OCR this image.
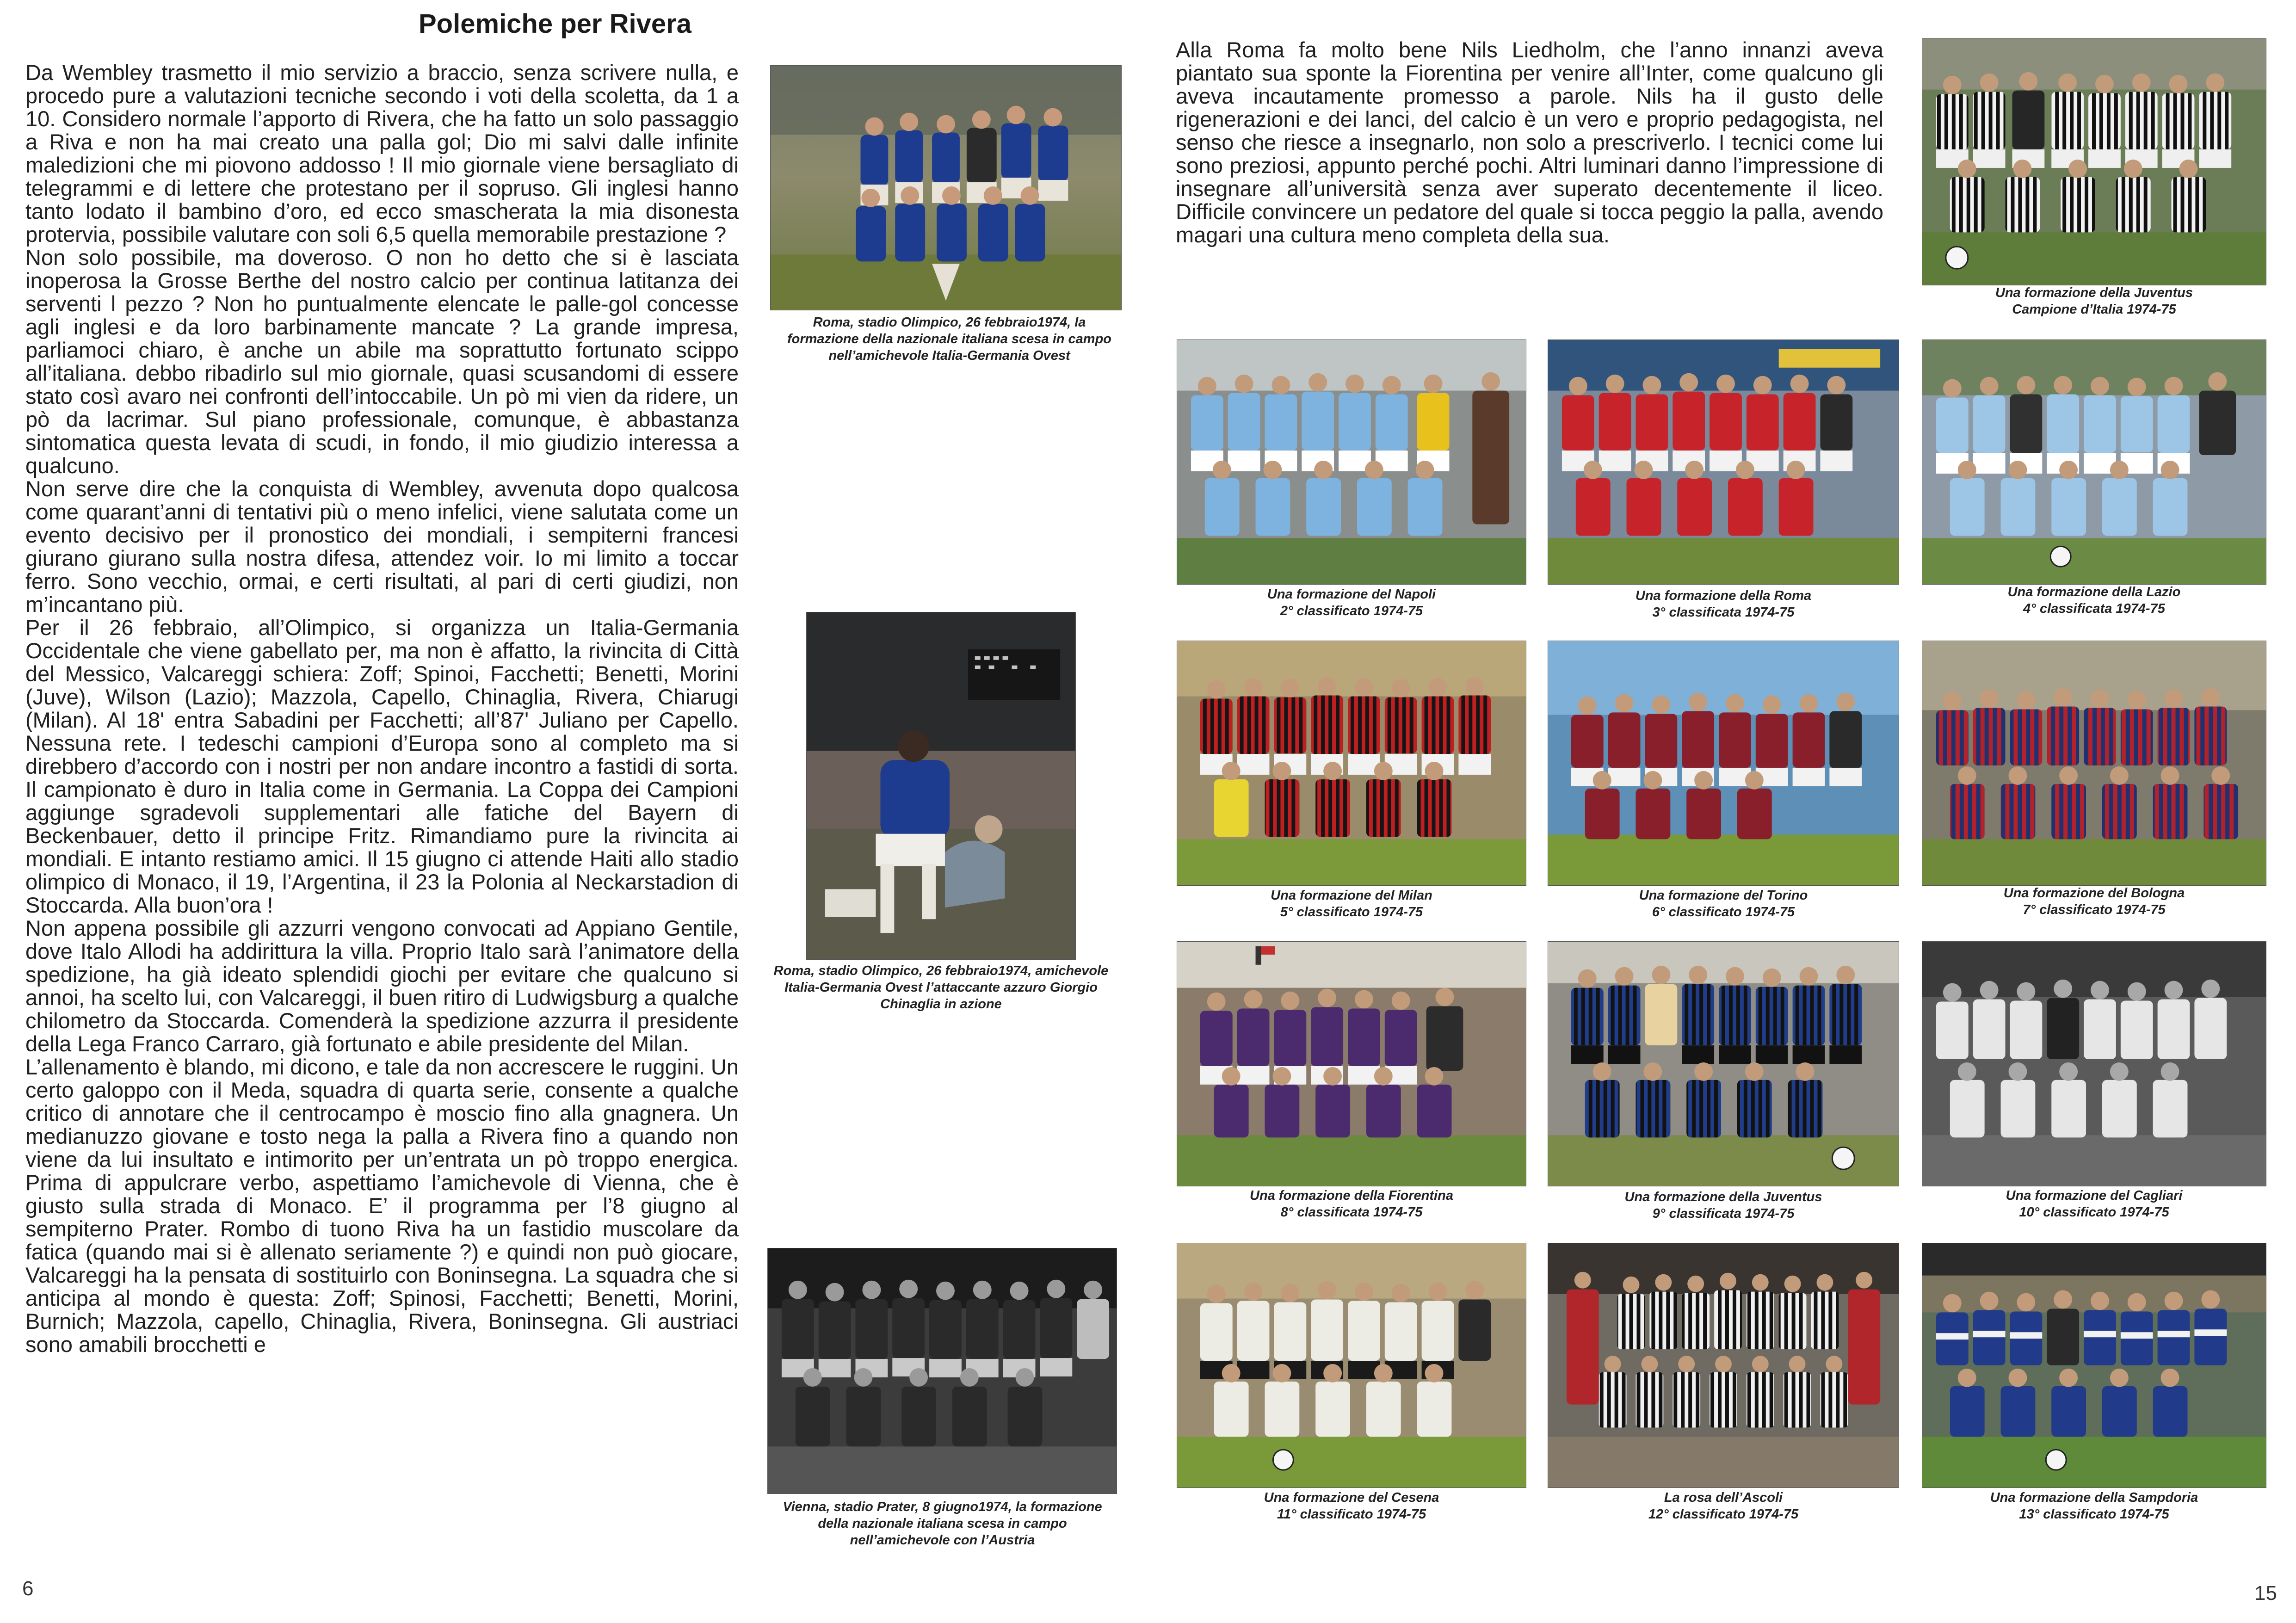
Polemiche per Rivera

Da Wembley trasmetto il mio servizio a braccio, senza scrivere nulla, e procedo pure a valutazioni tecniche secondo i voti della scoletta, da 1 a 10. Considero normale l’apporto di Rivera, che ha fatto un solo passaggio a Riva e non ha mai creato una palla gol; Dio mi salvi dalle infinite maledizioni che mi piovono addosso ! Il mio giornale viene bersagliato di telegrammi e di lettere che protestano per il sopruso. Gli inglesi hanno tanto lodato il bambino d’oro, ed ecco smascherata la mia disonesta protervia, possibile valutare con soli 6,5 quella memorabile prestazione ?

Non solo possibile, ma doveroso. O non ho detto che si è lasciata inoperosa la Grosse Berthe del nostro calcio per continua latitanza dei serventi l pezzo ? Non ho puntualmente elencate le palle-gol concesse agli inglesi e da loro barbinamente mancate ? La grande impresa, parliamoci chiaro, è anche un abile ma soprattutto fortunato scippo all’italiana. debbo ribadirlo sul mio giornale, quasi scusandomi di essere stato così avaro nei confronti dell’intoccabile. Un pò mi vien da ridere, un pò da lacrimar. Sul piano professionale, comunque, è abbastanza sintomatica questa levata di scudi, in fondo, il mio giudizio interessa a qualcuno.

Non serve dire che la conquista di Wembley, avvenuta dopo qualcosa come quarant’anni di tentativi più o meno infelici, viene salutata come un evento decisivo per il pronostico dei mondiali, i sempiterni francesi giurano giurano sulla nostra difesa, attendez voir. Io mi limito a toccar ferro. Sono vecchio, ormai, e certi risultati, al pari di certi giudizi, non m’incantano più.

Per il 26 febbraio, all’Olimpico, si organizza un Italia-Germania Occidentale che viene gabellato per, ma non è affatto, la rivincita di Città del Messico, Valcareggi schiera: Zoff; Spinoi, Facchetti; Benetti, Morini (Juve), Wilson (Lazio); Mazzola, Capello, Chinaglia, Rivera, Chiarugi (Milan). Al 18' entra Sabadini per Facchetti; all’87' Juliano per Capello. Nessuna rete. I tedeschi campioni d’Europa sono al completo ma si direbbero d’accordo con i nostri per non andare incontro a fastidi di sorta. Il campionato è duro in Italia come in Germania. La Coppa dei Campioni aggiunge sgradevoli supplementari alle fatiche del Bayern di Beckenbauer, detto il principe Fritz. Rimandiamo pure la rivincita ai mondiali. E intanto restiamo amici. Il 15 giugno ci attende Haiti allo stadio olimpico di Monaco, il 19, l’Argentina, il 23 la Polonia al Neckarstadion di Stoccarda. Alla buon’ora !

Non appena possibile gli azzurri vengono convocati ad Appiano Gentile, dove Italo Allodi ha addirittura la villa. Proprio Italo sarà l’animatore della spedizione, ha già ideato splendidi giochi per evitare che qualcuno si annoi, ha scelto lui, con Valcareggi, il buen ritiro di Ludwigsburg a qualche chilometro da Stoccarda. Comenderà la spedizione azzurra il presidente della Lega Franco Carraro, già fortunato e abile presidente del Milan.

L’allenamento è blando, mi dicono, e tale da non accrescere le ruggini. Un certo galoppo con il Meda, squadra di quarta serie, consente a qualche critico di annotare che il centrocampo è moscio fino alla gnagnera. Un medianuzzo giovane e tosto nega la palla a Rivera fino a quando non viene da lui insultato e intimorito per un’entrata un pò troppo energica. Prima di appulcrare verbo, aspettiamo l’amichevole di Vienna, che è giusto sulla strada di Monaco. E’ il programma per l’8 giugno al sempiterno Prater. Rombo di tuono Riva ha un fastidio muscolare da fatica (quando mai si è allenato seriamente ?) e quindi non può giocare, Valcareggi ha la pensata di sostituirlo con Boninsegna. La squadra che si anticipa al mondo è questa: Zoff; Spinosi, Facchetti; Benetti, Morini, Burnich; Mazzola, capello, Chinaglia, Rivera, Boninsegna. Gli austriaci sono amabili brocchetti e

Roma, stadio Olimpico, 26 febbraio1974, la formazione della nazionale italiana scesa in campo nell’amichevole Italia-Germania Ovest
Roma, stadio Olimpico, 26 febbraio1974, amichevole Italia-Germania Ovest l’attaccante azzuro Giorgio Chinaglia in azione
Vienna, stadio Prater, 8 giugno1974, la formazione della nazionale italiana scesa in campo nell’amichevole con l’Austria
6

Alla Roma fa molto bene Nils Liedholm, che l’anno innanzi aveva piantato sua sponte la Fiorentina per venire all’Inter, come qualcuno gli aveva incautamente promesso a parole. Nils ha il gusto delle rigenerazioni e dei lanci, del calcio è un vero e proprio pedagogista, nel senso che riesce a insegnarlo, non solo a prescriverlo. I tecnici come lui sono preziosi, appunto perché pochi. Altri luminari danno l’impressione di insegnare all’università senza aver superato decentemente il liceo. Difficile convincere un pedatore del quale si tocca peggio la palla, avendo magari una cultura meno completa della sua.

Una formazione della Juventus
Campione d’Italia 1974-75
Una formazione del Napoli
2° classificato 1974-75
Una formazione della Roma
3° classificata 1974-75
Una formazione della Lazio
4° classificata 1974-75
Una formazione del Milan
5° classificato 1974-75
Una formazione del Torino
6° classificato 1974-75
Una formazione del Bologna
7° classificato 1974-75
Una formazione della Fiorentina
8° classificata 1974-75
Una formazione della Juventus
9° classificata 1974-75
Una formazione del Cagliari
10° classificato 1974-75
Una formazione del Cesena
11° classificato 1974-75
La rosa dell’Ascoli
12° classificato 1974-75
Una formazione della Sampdoria
13° classificato 1974-75
15
